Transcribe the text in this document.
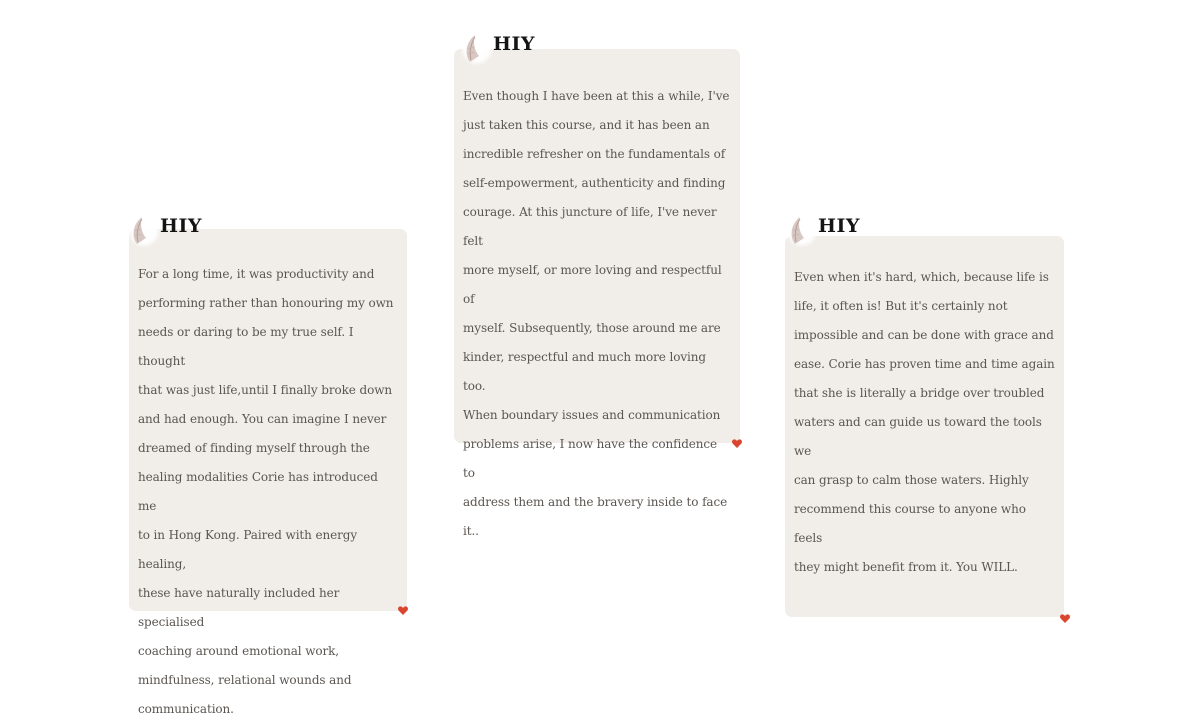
For a long time, it was productivity and
performing rather than honouring my own
needs or daring to be my true self. I thought
that was just life,until I finally broke down
and had enough. You can imagine I never
dreamed of finding myself through the
healing modalities Corie has introduced me
to in Hong Kong. Paired with energy healing,
these have naturally included her specialised
coaching around emotional work,
mindfulness, relational wounds and
communication.

HIY

Even though I have been at this a while, I've
just taken this course, and it has been an
incredible refresher on the fundamentals of
self-empowerment, authenticity and finding
courage. At this juncture of life, I've never felt
more myself, or more loving and respectful of
myself. Subsequently, those around me are
kinder, respectful and much more loving too.
When boundary issues and communication
problems arise, I now have the confidence to
address them and the bravery inside to face
it..

HIY

Even when it's hard, which, because life is
life, it often is! But it's certainly not
impossible and can be done with grace and
ease. Corie has proven time and time again
that she is literally a bridge over troubled
waters and can guide us toward the tools we
can grasp to calm those waters. Highly
recommend this course to anyone who feels
they might benefit from it. You WILL.

HIY
